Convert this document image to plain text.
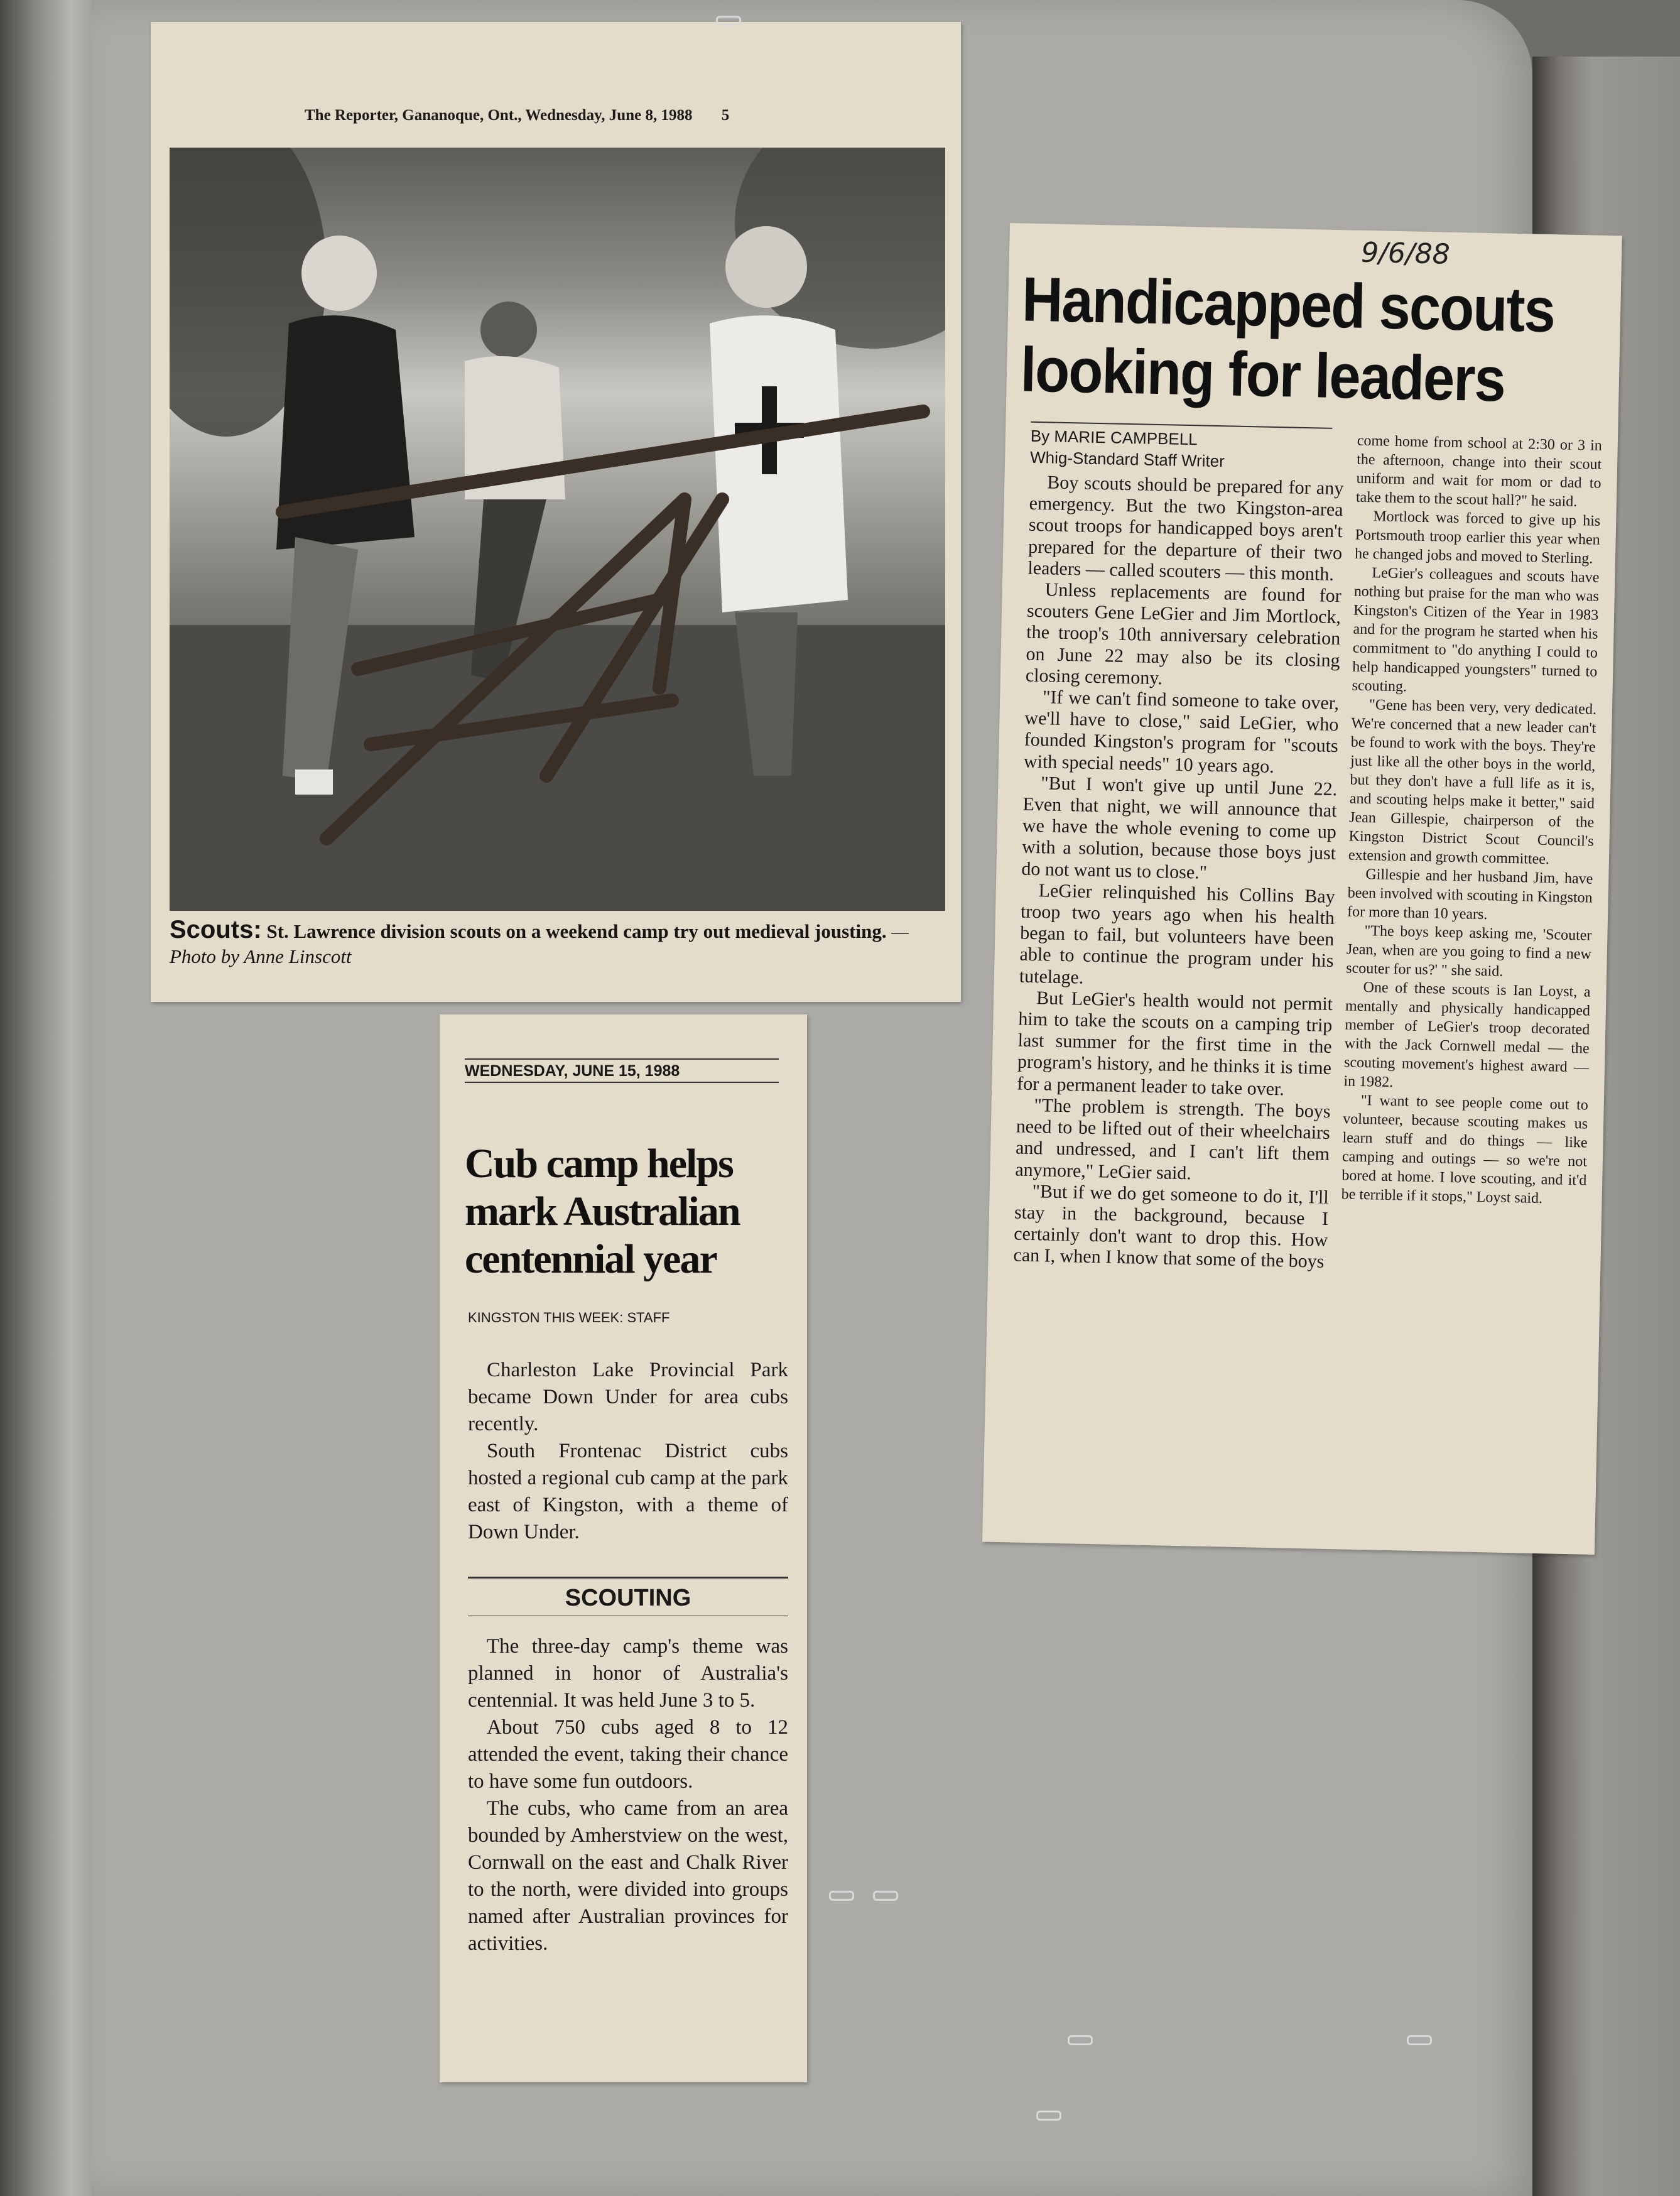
The Reporter, Gananoque, Ont., Wednesday, June 8, 1988 5
Scouts: St. Lawrence division scouts on a weekend camp try out medieval jousting. — Photo by Anne Linscott
9/6/88
Handicapped scouts
looking for leaders
By MARIE CAMPBELL
Whig-Standard Staff Writer

Boy scouts should be prepared for any emergency. But the two Kingston-area scout troops for handicapped boys aren't prepared for the departure of their two leaders — called scouters — this month.

Unless replacements are found for scouters Gene LeGier and Jim Mortlock, the troop's 10th anniversary celebration on June 22 may also be its closing closing ceremony.

"If we can't find someone to take over, we'll have to close," said LeGier, who founded Kingston's program for "scouts with special needs" 10 years ago.

"But I won't give up until June 22. Even that night, we will announce that we have the whole evening to come up with a solution, because those boys just do not want us to close."

LeGier relinquished his Collins Bay troop two years ago when his health began to fail, but volunteers have been able to continue the program under his tutelage.

But LeGier's health would not permit him to take the scouts on a camping trip last summer for the first time in the program's history, and he thinks it is time for a permanent leader to take over.

"The problem is strength. The boys need to be lifted out of their wheelchairs and undressed, and I can't lift them anymore," LeGier said.

"But if we do get someone to do it, I'll stay in the background, because I certainly don't want to drop this. How can I, when I know that some of the boys

come home from school at 2:30 or 3 in the afternoon, change into their scout uniform and wait for mom or dad to take them to the scout hall?" he said.

Mortlock was forced to give up his Portsmouth troop earlier this year when he changed jobs and moved to Sterling.

LeGier's colleagues and scouts have nothing but praise for the man who was Kingston's Citizen of the Year in 1983 and for the program he started when his commitment to "do anything I could to help handicapped youngsters" turned to scouting.

"Gene has been very, very dedicated. We're concerned that a new leader can't be found to work with the boys. They're just like all the other boys in the world, but they don't have a full life as it is, and scouting helps make it better," said Jean Gillespie, chairperson of the Kingston District Scout Council's extension and growth committee.

Gillespie and her husband Jim, have been involved with scouting in Kingston for more than 10 years.

"The boys keep asking me, 'Scouter Jean, when are you going to find a new scouter for us?' " she said.

One of these scouts is Ian Loyst, a mentally and physically handicapped member of LeGier's troop decorated with the Jack Cornwell medal — the scouting movement's highest award — in 1982.

"I want to see people come out to volunteer, because scouting makes us learn stuff and do things — like camping and outings — so we're not bored at home. I love scouting, and it'd be terrible if it stops," Loyst said.

WEDNESDAY, JUNE 15, 1988
Cub camp helps mark Australian centennial year
KINGSTON THIS WEEK: STAFF

Charleston Lake Provincial Park became Down Under for area cubs recently.

South Frontenac District cubs hosted a regional cub camp at the park east of Kingston, with a theme of Down Under.

SCOUTING

The three-day camp's theme was planned in honor of Australia's centennial. It was held June 3 to 5.

About 750 cubs aged 8 to 12 attended the event, taking their chance to have some fun outdoors.

The cubs, who came from an area bounded by Amherstview on the west, Cornwall on the east and Chalk River to the north, were divided into groups named after Australian provinces for activities.
